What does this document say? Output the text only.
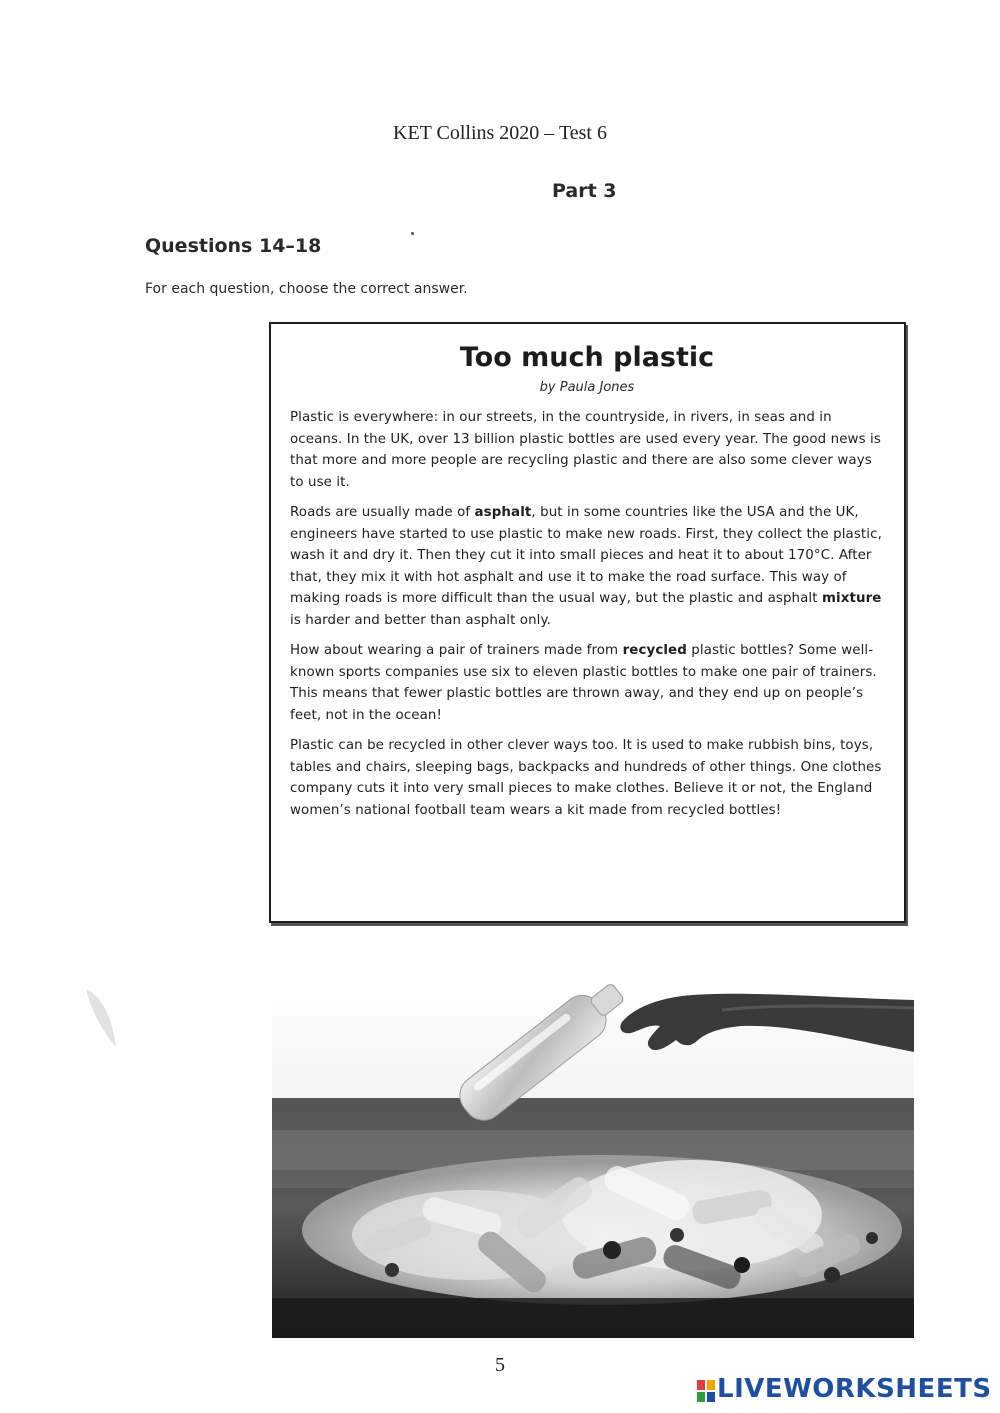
KET Collins 2020 – Test 6
Part 3
Questions 14–18
For each question, choose the correct answer.
Too much plastic
by Paula Jones

Plastic is everywhere: in our streets, in the countryside, in rivers, in seas and in oceans. In the UK, over 13 billion plastic bottles are used every year. The good news is that more and more people are recycling plastic and there are also some clever ways to use it.

Roads are usually made of asphalt, but in some countries like the USA and the UK, engineers have started to use plastic to make new roads. First, they collect the plastic, wash it and dry it. Then they cut it into small pieces and heat it to about 170°C. After that, they mix it with hot asphalt and use it to make the road surface. This way of making roads is more difficult than the usual way, but the plastic and asphalt mixture is harder and better than asphalt only.

How about wearing a pair of trainers made from recycled plastic bottles? Some well-known sports companies use six to eleven plastic bottles to make one pair of trainers. This means that fewer plastic bottles are thrown away, and they end up on people’s feet, not in the ocean!

Plastic can be recycled in other clever ways too. It is used to make rubbish bins, toys, tables and chairs, sleeping bags, backpacks and hundreds of other things. One clothes company cuts it into very small pieces to make clothes. Believe it or not, the England women’s national football team wears a kit made from recycled bottles!

5
LIVEWORKSHEETS
